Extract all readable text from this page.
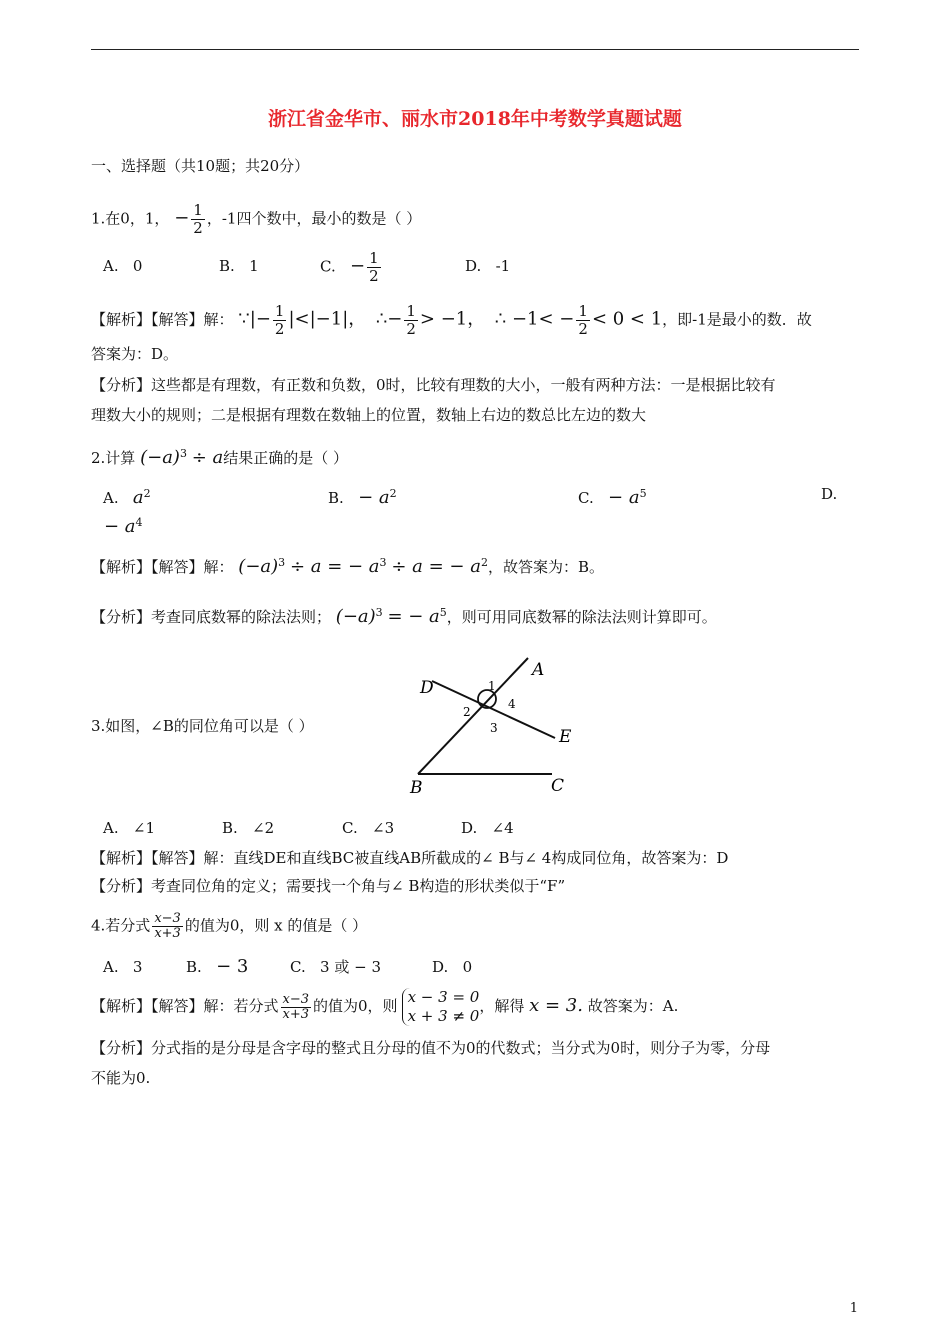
浙江省金华市、丽水市2018年中考数学真题试题
一、选择题（共10题；共20分）
1.在0，1， − $\frac{1}{2}$ ，-1四个数中，最小的数是（ ）
A. 0	B. 1	C. − $\frac{1}{2}$	D. -1
【解析】【解答】解： ∵|− $\frac{1}{2} |<|-1|$， ∴− $\frac{1}{2} > -1$， ∴ $-1< - \frac{1}{2} < 0 < 1$，即-1是最小的数．故
答案为：D。
【分析】这些都是有理数，有正数和负数，0时，比较有理数的大小，一般有两种方法：一是根据比较有
理数大小的规则；二是根据有理数在数轴上的位置，数轴上右边的数总比左边的数大
2.计算 $(-a)^3 \div a$结果正确的是（ ）
A. $a^2$	B. − $a^2$	C. − $a^5$	D.
− $a^4$
【解析】【解答】解： $(-a)^3 \div a$ = − $a^3 \div a$ = − $a^2$，故答案为：B。
【分析】考查同底数幂的除法法则； $(-a)^3$ = − $a^5$，则可用同底数幂的除法法则计算即可。
3.如图，∠B的同位角可以是（ ）
A
B	C
D
E
1
2
3
4
A. ∠1	B. ∠2	C. ∠3	D. ∠4
【解析】【解答】解：直线DE和直线BC被直线AB所截成的∠ B与∠ 4构成同位角，故答案为：D
【分析】考查同位角的定义；需要找一个角与∠ B构造的形状类似于“F”
4.若分式 $\frac{x-3}{x+3}$ 的值为0，则 x 的值是（ ）
A. 3	B. − 3	C. 3 或 − 3	D. 0
【解析】【解答】解：若分式 $\frac{x-3}{x+3}$ 的值为0，则 x − 3 = 0
x + 3 ≠ 0
，解得 x = 3. 故答案为：A.
【分析】分式指的是分母是含字母的整式且分母的值不为0的代数式；当分式为0时，则分子为零，分母
不能为0.
1
